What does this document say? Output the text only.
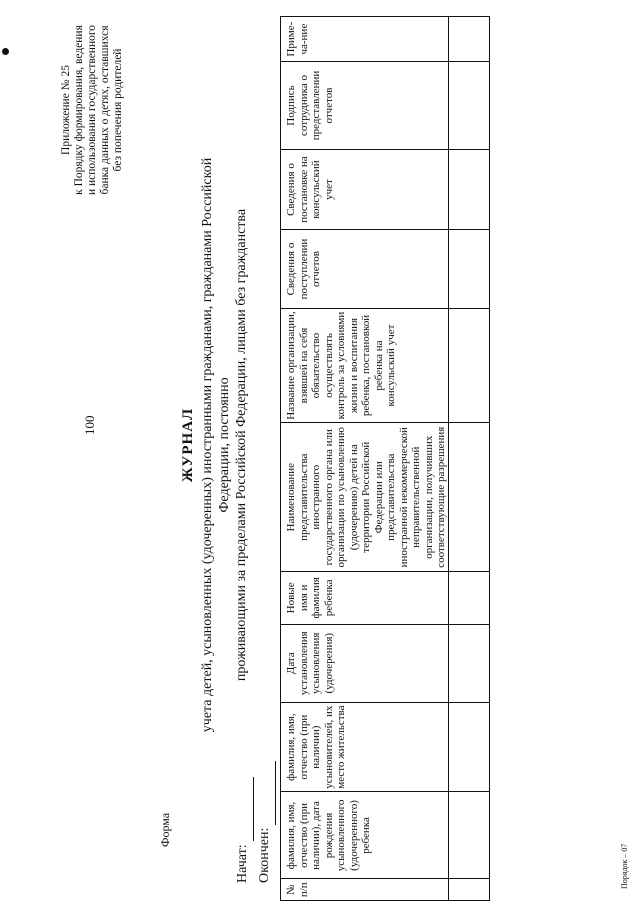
100
Приложение № 25 к Порядку формирования, ведения и использования государственного банка данных о детях, оставшихся без попечения родителей
Форма
ЖУРНАЛ учета детей, усыновленных (удочеренных) иностранными гражданами, гражданами Российской Федерации, постоянно проживающими за пределами Российской Федерации, лицами без гражданства
Начат: Окончен:
№ п/п	фамилия, имя, отчество (при наличии), дата рождения усыновленного (удочеренного) ребенка	фамилия, имя, отчество (при наличии) усыновителей, их место жительства	Дата установления усыновления (удочерения)	Новые имя и фамилия ребенка	Наименование представительства иностранного государственного органа или организации по усыновлению (удочерению) детей на территории Российской Федерации или представительства иностранной некоммерческой неправительственной организации, получивших соответствующие разрешения	Название организации, взявшей на себя обязательство осуществлять контроль за условиями жизни и воспитания ребенка, постановкой ребенка на консульский учет	Сведения о поступлении отчетов	Сведения о постановке на консульский учет	Подпись сотрудника о представлении отчетов	Приме-ча-ние

Порядок – 07
